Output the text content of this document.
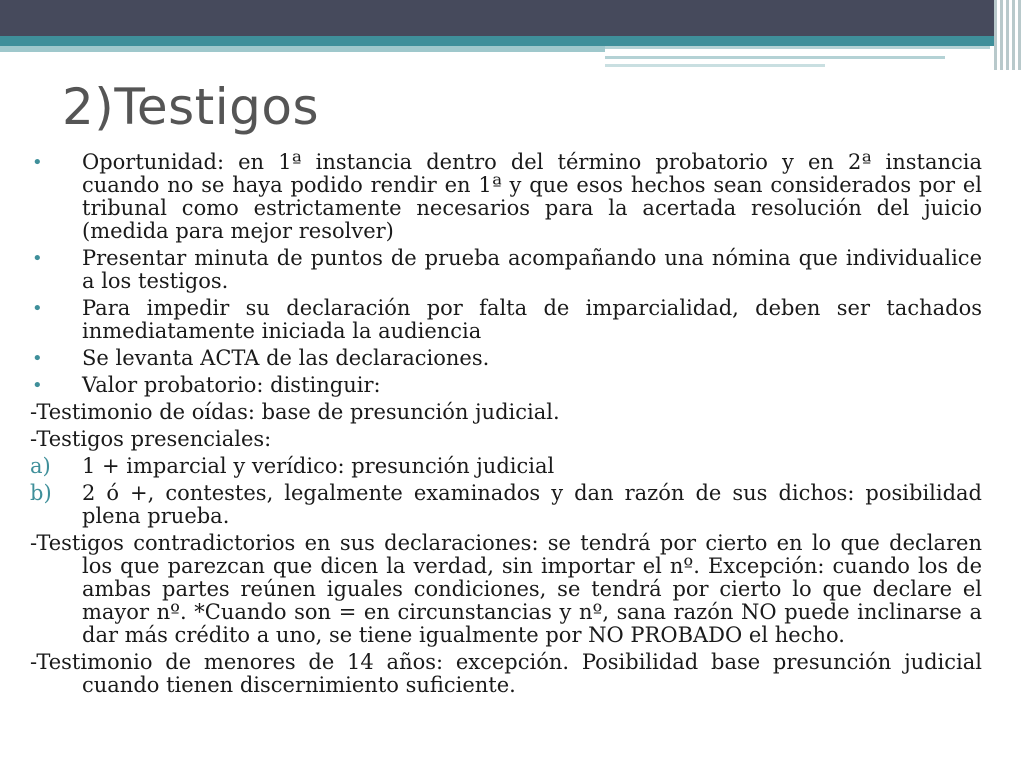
2)Testigos
• Oportunidad: en 1ª instancia dentro del término probatorio y en 2ª instancia cuando no se haya podido rendir en 1ª y que esos hechos sean considerados por el tribunal como estrictamente necesarios para la acertada resolución del juicio (medida para mejor resolver)
• Presentar minuta de puntos de prueba acompañando una nómina que individualice a los testigos.
• Para impedir su declaración por falta de imparcialidad, deben ser tachados inmediatamente iniciada la audiencia
• Se levanta ACTA de las declaraciones.
• Valor probatorio: distinguir:
-Testimonio de oídas: base de presunción judicial.
-Testigos presenciales:
a) 1 + imparcial y verídico: presunción judicial
b) 2 ó +, contestes, legalmente examinados y dan razón de sus dichos: posibilidad plena prueba.
-Testigos contradictorios en sus declaraciones: se tendrá por cierto en lo que declaren los que parezcan que dicen la verdad, sin importar el nº. Excepción: cuando los de ambas partes reúnen iguales condiciones, se tendrá por cierto lo que declare el mayor nº. *Cuando son = en circunstancias y nº, sana razón NO puede inclinarse a dar más crédito a uno, se tiene igualmente por NO PROBADO el hecho.
-Testimonio de menores de 14 años: excepción. Posibilidad base presunción judicial cuando tienen discernimiento suficiente.
